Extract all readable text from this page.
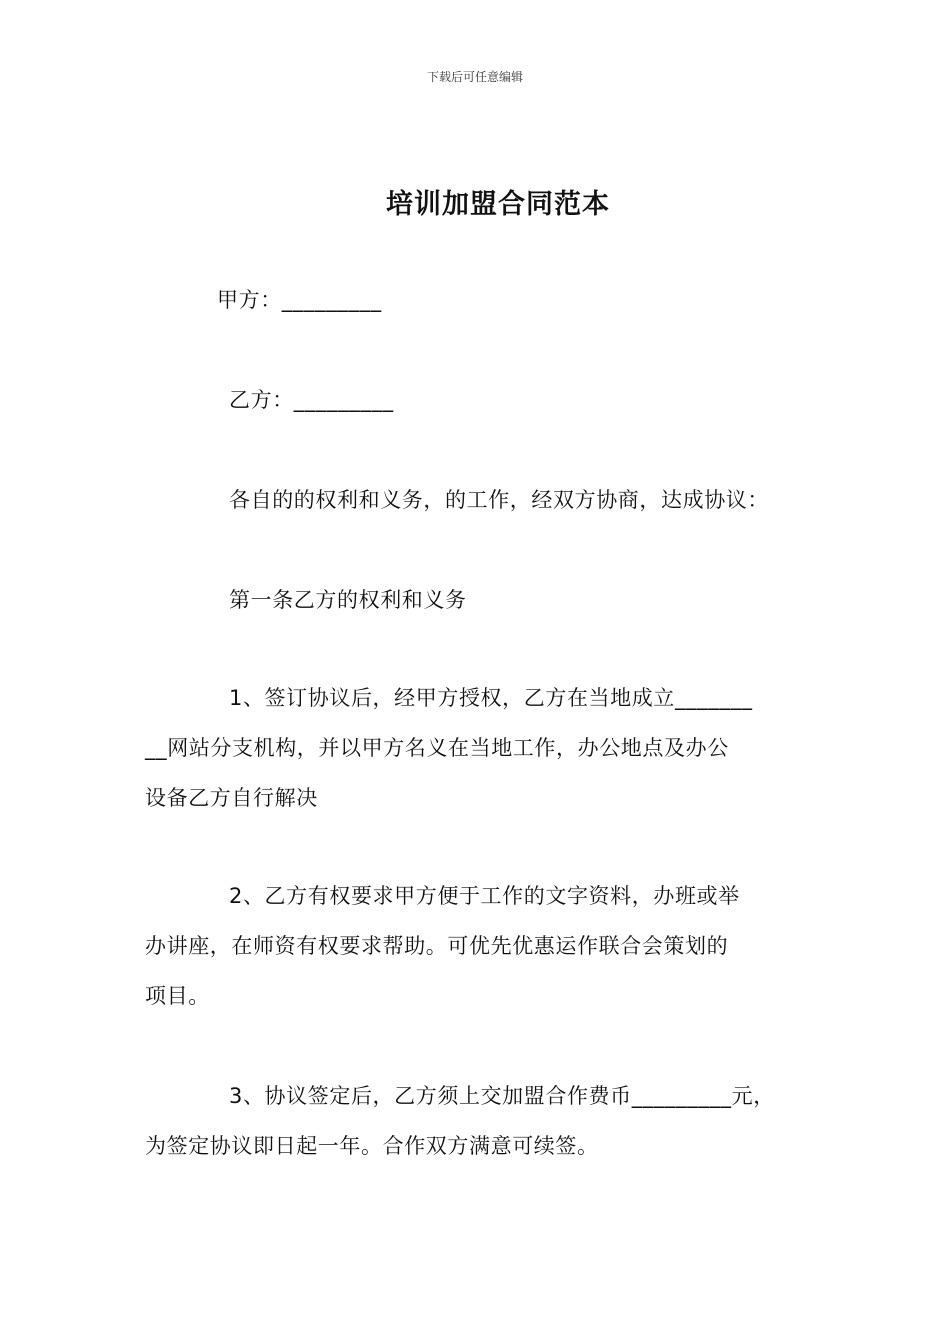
下载后可任意编辑
培训加盟合同范本
甲方：_________
乙方：_________
各自的的权利和义务，的工作，经双方协商，达成协议：
第一条乙方的权利和义务
1、签订协议后，经甲方授权，乙方在当地成立_______
__网站分支机构，并以甲方名义在当地工作，办公地点及办公
设备乙方自行解决
2、乙方有权要求甲方便于工作的文字资料，办班或举
办讲座，在师资有权要求帮助。可优先优惠运作联合会策划的
项目。
3、协议签定后，乙方须上交加盟合作费币_________元，
为签定协议即日起一年。合作双方满意可续签。
